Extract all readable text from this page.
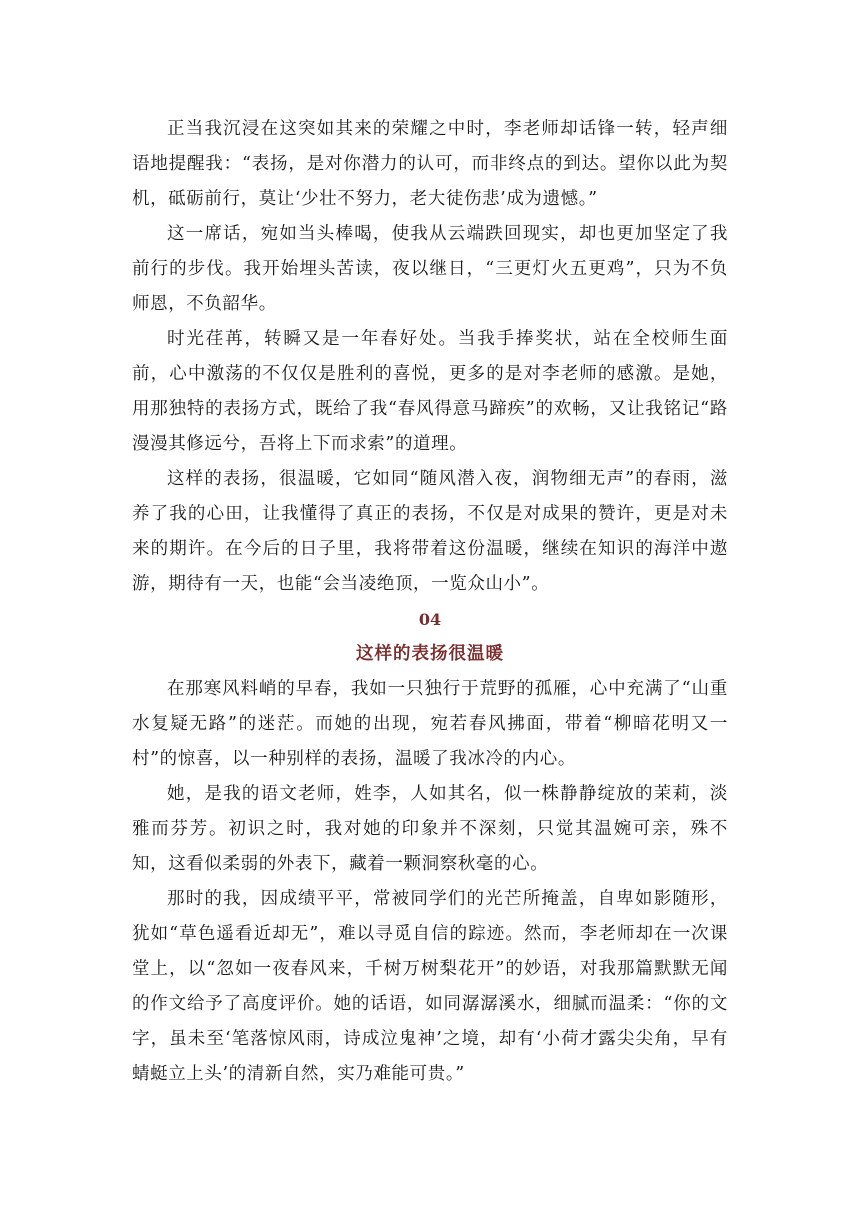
正当我沉浸在这突如其来的荣耀之中时，李老师却话锋一转，轻声细语地提醒我：“表扬，是对你潜力的认可，而非终点的到达。望你以此为契机，砥砺前行，莫让‘少壮不努力，老大徒伤悲’成为遗憾。”

这一席话，宛如当头棒喝，使我从云端跌回现实，却也更加坚定了我前行的步伐。我开始埋头苦读，夜以继日，“三更灯火五更鸡”，只为不负师恩，不负韶华。

时光荏苒，转瞬又是一年春好处。当我手捧奖状，站在全校师生面前，心中激荡的不仅仅是胜利的喜悦，更多的是对李老师的感激。是她，用那独特的表扬方式，既给了我“春风得意马蹄疾”的欢畅，又让我铭记“路漫漫其修远兮，吾将上下而求索”的道理。

这样的表扬，很温暖，它如同“随风潜入夜，润物细无声”的春雨，滋养了我的心田，让我懂得了真正的表扬，不仅是对成果的赞许，更是对未来的期许。在今后的日子里，我将带着这份温暖，继续在知识的海洋中遨游，期待有一天，也能“会当凌绝顶，一览众山小”。

04

这样的表扬很温暖

在那寒风料峭的早春，我如一只独行于荒野的孤雁，心中充满了“山重水复疑无路”的迷茫。而她的出现，宛若春风拂面，带着“柳暗花明又一村”的惊喜，以一种别样的表扬，温暖了我冰冷的内心。

她，是我的语文老师，姓李，人如其名，似一株静静绽放的茉莉，淡雅而芬芳。初识之时，我对她的印象并不深刻，只觉其温婉可亲，殊不知，这看似柔弱的外表下，藏着一颗洞察秋毫的心。

那时的我，因成绩平平，常被同学们的光芒所掩盖，自卑如影随形，犹如“草色遥看近却无”，难以寻觅自信的踪迹。然而，李老师却在一次课堂上，以“忽如一夜春风来，千树万树梨花开”的妙语，对我那篇默默无闻的作文给予了高度评价。她的话语，如同潺潺溪水，细腻而温柔：“你的文字，虽未至‘笔落惊风雨，诗成泣鬼神’之境，却有‘小荷才露尖尖角，早有蜻蜓立上头’的清新自然，实乃难能可贵。”
